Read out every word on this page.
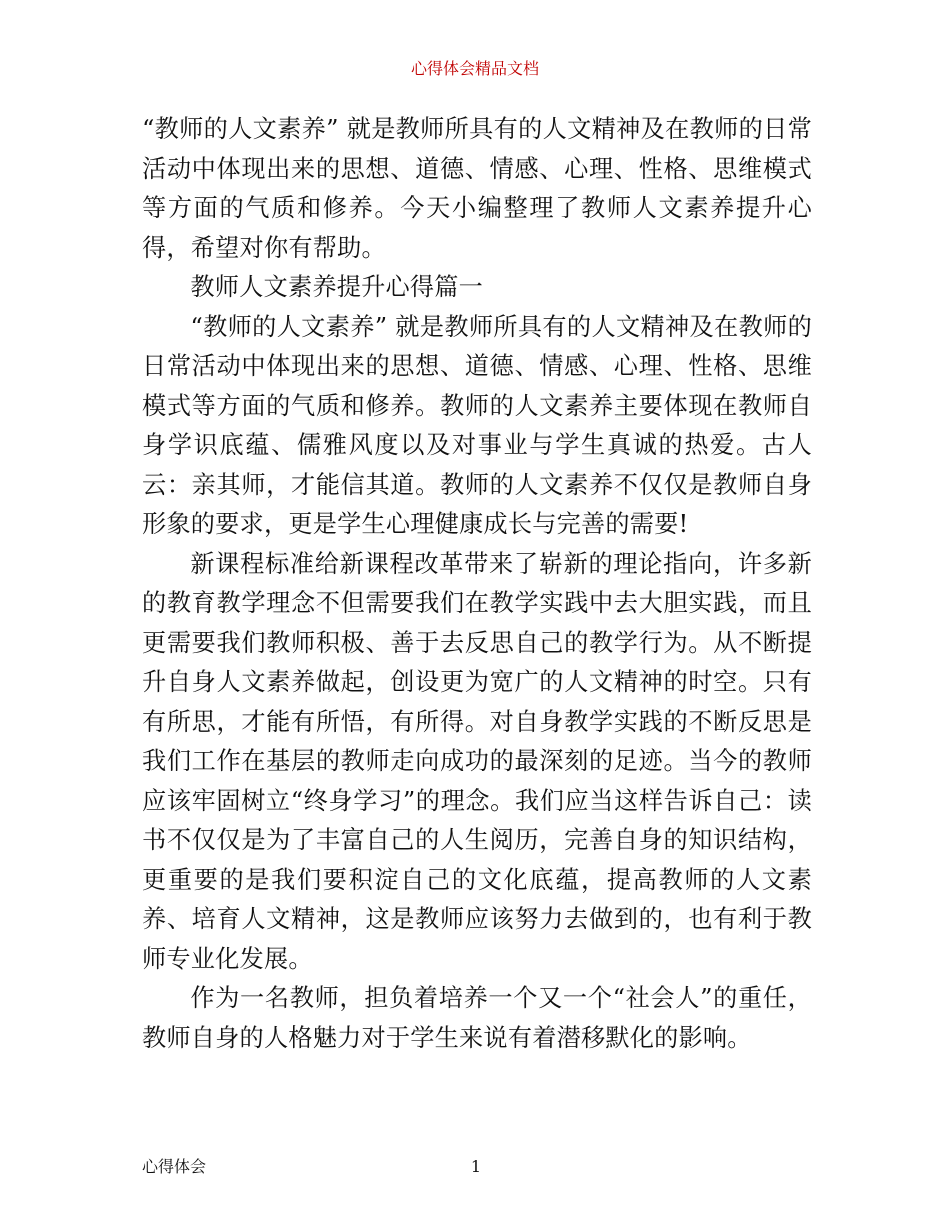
心得体会精品文档

“教师的人文素养” 就是教师所具有的人文精神及在教师的日常活动中体现出来的思想、道德、情感、心理、性格、思维模式等方面的气质和修养。今天小编整理了教师人文素养提升心得，希望对你有帮助。

教师人文素养提升心得篇一

“教师的人文素养” 就是教师所具有的人文精神及在教师的日常活动中体现出来的思想、道德、情感、心理、性格、思维模式等方面的气质和修养。教师的人文素养主要体现在教师自身学识底蕴、儒雅风度以及对事业与学生真诚的热爱。古人云：亲其师，才能信其道。教师的人文素养不仅仅是教师自身形象的要求，更是学生心理健康成长与完善的需要!

新课程标准给新课程改革带来了崭新的理论指向，许多新的教育教学理念不但需要我们在教学实践中去大胆实践，而且更需要我们教师积极、善于去反思自己的教学行为。从不断提升自身人文素养做起，创设更为宽广的人文精神的时空。只有有所思，才能有所悟，有所得。对自身教学实践的不断反思是我们工作在基层的教师走向成功的最深刻的足迹。当今的教师应该牢固树立“终身学习”的理念。我们应当这样告诉自己：读书不仅仅是为了丰富自己的人生阅历，完善自身的知识结构，更重要的是我们要积淀自己的文化底蕴，提高教师的人文素养、培育人文精神，这是教师应该努力去做到的，也有利于教师专业化发展。

作为一名教师，担负着培养一个又一个“社会人”的重任，教师自身的人格魅力对于学生来说有着潜移默化的影响。

心得体会	1
